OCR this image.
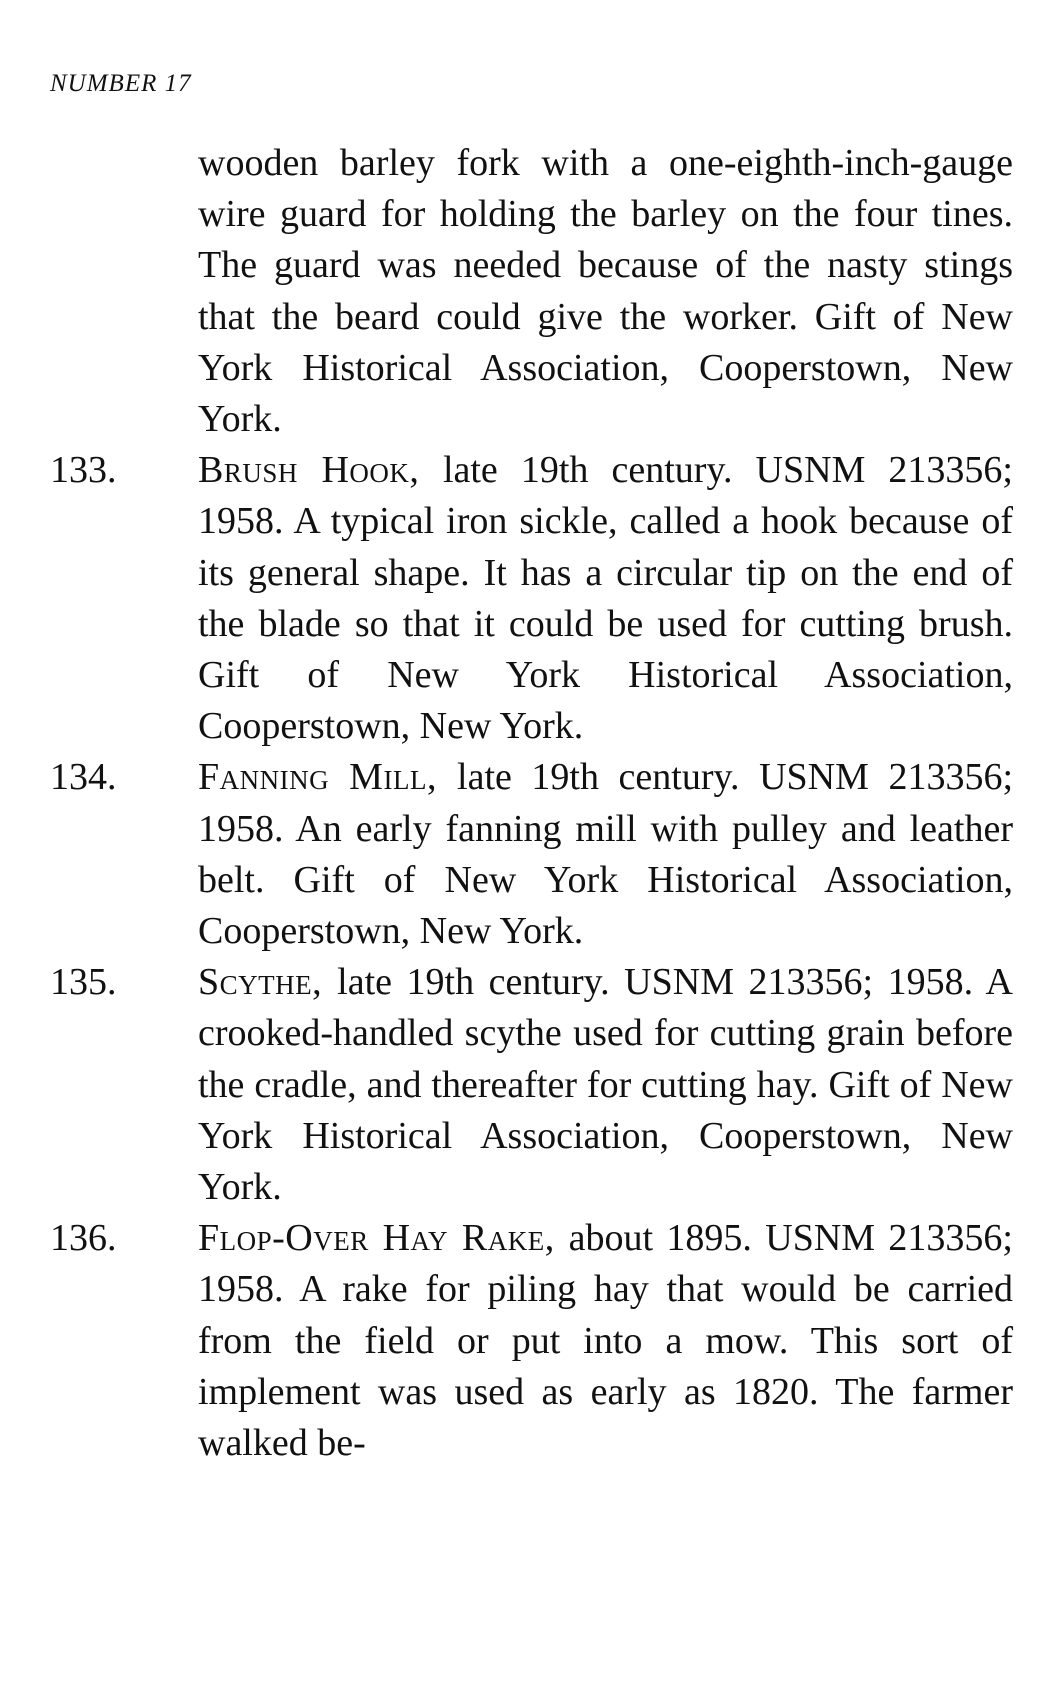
NUMBER 17
wooden barley fork with a one-eighth-inch-gauge wire guard for holding the barley on the four tines. The guard was needed because of the nasty stings that the beard could give the worker. Gift of New York Historical Association, Cooperstown, New York.
133. Brush Hook, late 19th century. USNM 213356; 1958. A typical iron sickle, called a hook because of its general shape. It has a circular tip on the end of the blade so that it could be used for cutting brush. Gift of New York Historical Association, Cooperstown, New York.
134. Fanning Mill, late 19th century. USNM 213356; 1958. An early fanning mill with pulley and leather belt. Gift of New York Historical Association, Cooperstown, New York.
135. Scythe, late 19th century. USNM 213356; 1958. A crooked-handled scythe used for cutting grain before the cradle, and thereafter for cutting hay. Gift of New York Historical Association, Cooperstown, New York.
136. Flop-Over Hay Rake, about 1895. USNM 213356; 1958. A rake for piling hay that would be carried from the field or put into a mow. This sort of implement was used as early as 1820. The farmer walked be-
